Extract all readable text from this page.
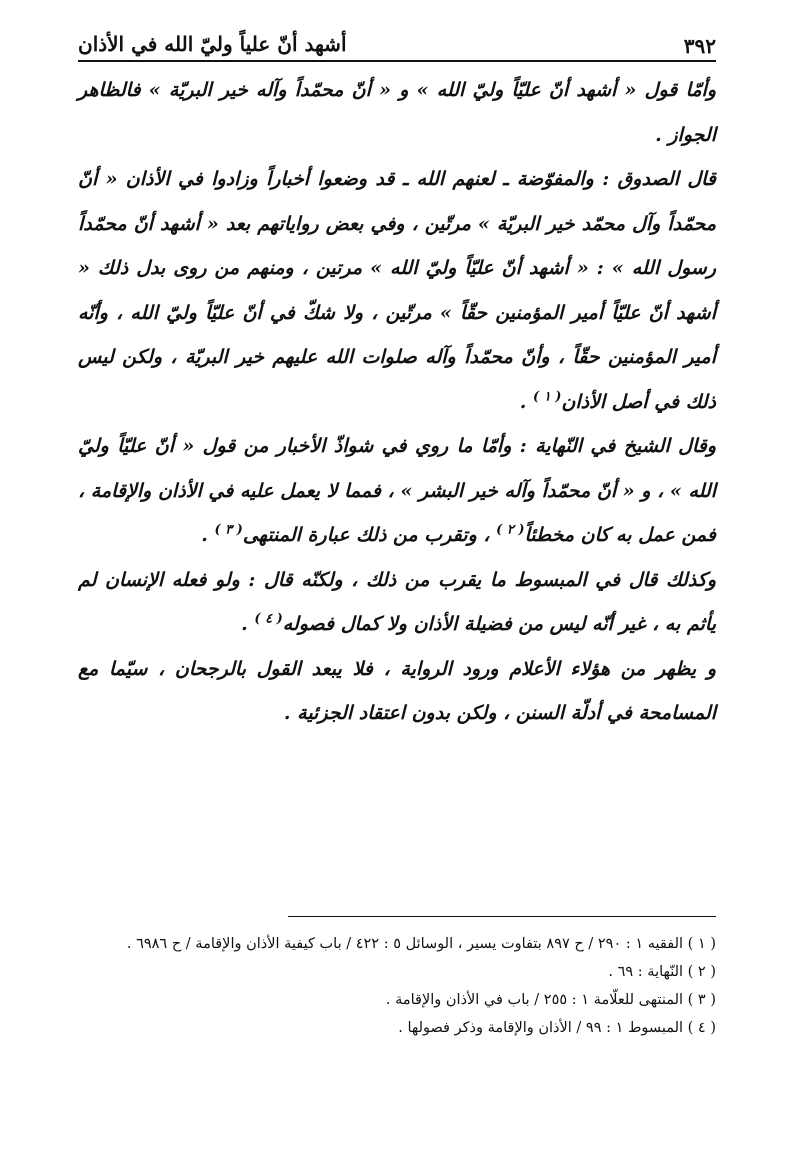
٣٩٢
أشهد أنّ علياً وليّ الله في الأذان

وأمّا قول « أشهد أنّ عليّاً وليّ الله » و « أنّ محمّداً وآله خير البريّة » فالظاهر الجواز .

قال الصدوق : والمفوّضة ـ لعنهم الله ـ قد وضعوا أخباراً وزادوا في الأذان « أنّ محمّداً وآل محمّد خير البريّة » مرتّين ، وفي بعض رواياتهم بعد « أشهد أنّ محمّداً رسول الله » : « أشهد أنّ عليّاً وليّ الله » مرتين ، ومنهم من روى بدل ذلك « أشهد أنّ عليّاً أمير المؤمنين حقّاً » مرتّين ، ولا شكّ في أنّ عليّاً وليّ الله ، وأنّه أمير المؤمنين حقّاً ، وأنّ محمّداً وآله صلوات الله عليهم خير البريّة ، ولكن ليس ذلك في أصل الأذان$^{( ١ )}$ .

وقال الشيخ في النّهاية : وأمّا ما روي في شواذّ الأخبار من قول « أنّ عليّاً وليّ الله » ، و « أنّ محمّداً وآله خير البشر » ، فمما لا يعمل عليه في الأذان والإقامة ، فمن عمل به كان مخطئاً$^{( ٢ )}$ ، وتقرب من ذلك عبارة المنتهى$^{( ٣ )}$ .

وكذلك قال في المبسوط ما يقرب من ذلك ، ولكنّه قال : ولو فعله الإنسان لم يأثم به ، غير أنّه ليس من فضيلة الأذان ولا كمال فصوله$^{( ٤ )}$ .

و يظهر من هؤلاء الأعلام ورود الرواية ، فلا يبعد القول بالرجحان ، سيّما مع المسامحة في أدلّة السنن ، ولكن بدون اعتقاد الجزئية .

( ١ ) الفقيه ١ : ٢٩٠ / ح ٨٩٧ بتفاوت يسير ، الوسائل ٥ : ٤٢٢ / باب كيفية الأذان والإقامة / ح ٦٩٨٦ .

( ٢ ) النّهاية : ٦٩ .

( ٣ ) المنتهى للعلّامة ١ : ٢٥٥ / باب في الأذان والإقامة .

( ٤ ) المبسوط ١ : ٩٩ / الأذان والإقامة وذكر فصولها .
